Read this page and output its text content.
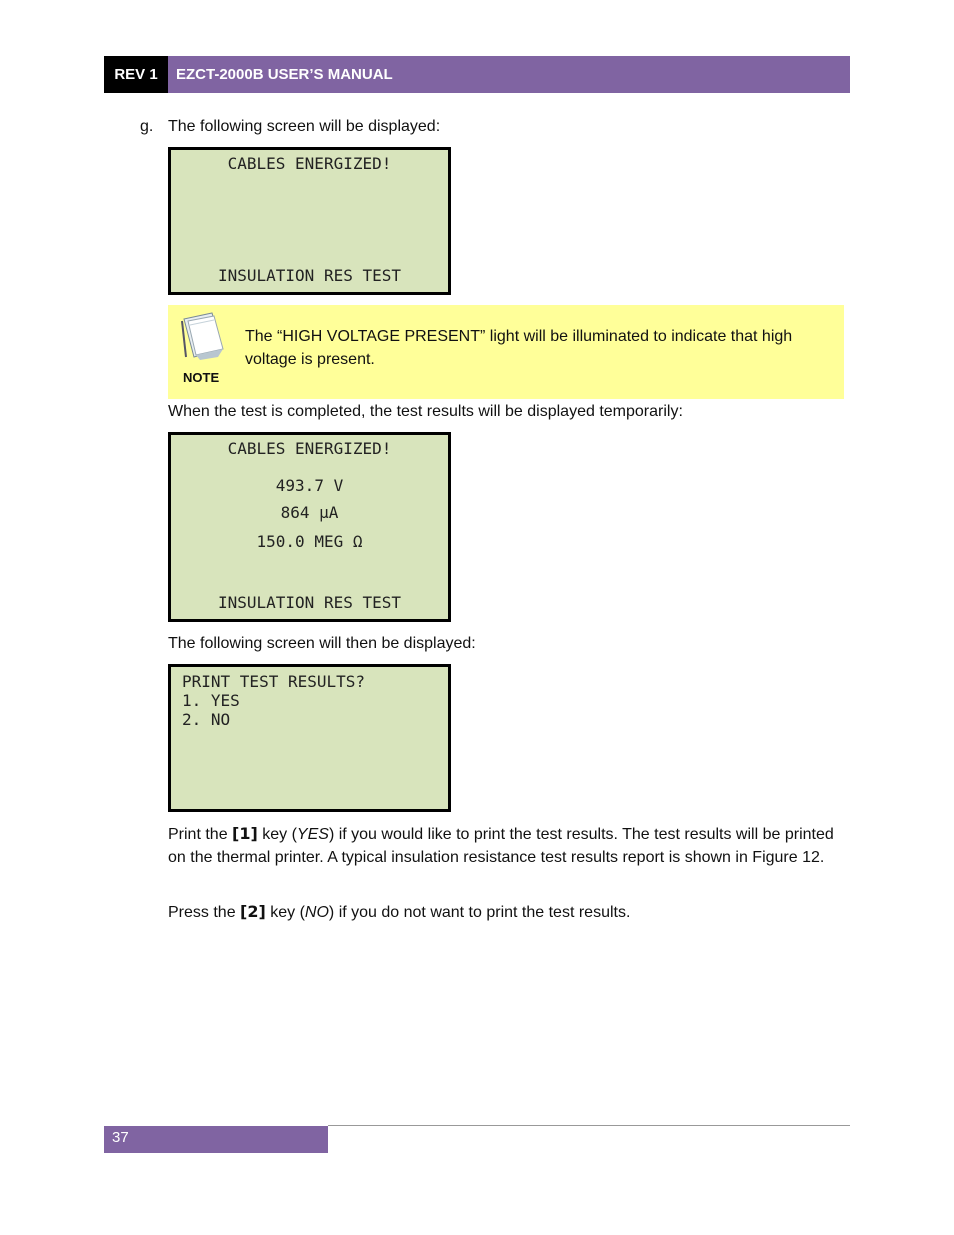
REV 1	EZCT-2000B USER’S MANUAL
g. The following screen will be displayed:

CABLES ENERGIZED!
INSULATION RES TEST
NOTE
The “HIGH VOLTAGE PRESENT” light will be illuminated to indicate that high voltage is present.

When the test is completed, the test results will be displayed temporarily:

CABLES ENERGIZED!
493.7 V
864 µA
150.0 MEG Ω
INSULATION RES TEST

The following screen will then be displayed:

PRINT TEST RESULTS?
1. YES
2. NO

Print the [1] key (YES) if you would like to print the test results. The test results will be printed on the thermal printer. A typical insulation resistance test results report is shown in Figure 12.

Press the [2] key (NO) if you do not want to print the test results.

37
